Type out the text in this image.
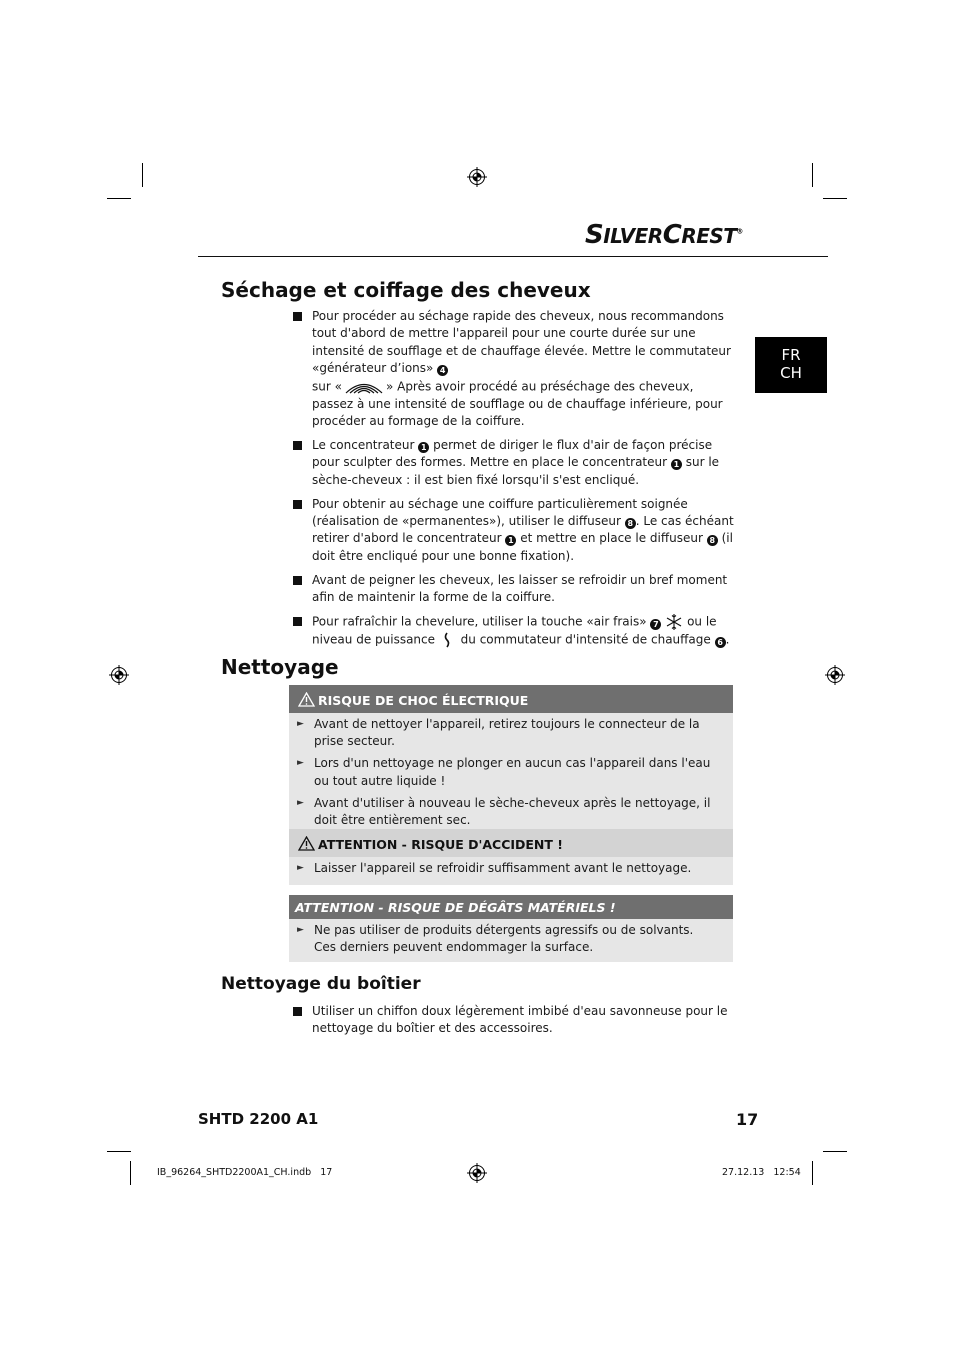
SILVERCREST®
FR
CH
Séchage et coiffage des cheveux
Pour procéder au séchage rapide des cheveux, nous recommandons tout d'abord de mettre l'appareil pour une courte durée sur une intensité de soufflage et de chauffage élevée. Mettre le commutateur «générateur d’ions» 4
sur «	» Après avoir procédé au préséchage des cheveux, passez à une intensité de soufflage ou de chauffage inférieure, pour procéder au formage de la coiffure.
Le concentrateur 1 permet de diriger le flux d'air de façon précise pour sculpter des formes. Mettre en place le concentrateur 1 sur le sèche-cheveux : il est bien fixé lorsqu'il s'est encliqué.
Pour obtenir au séchage une coiffure particulièrement soignée (réalisation de «permanentes»), utiliser le diffuseur 8 . Le cas échéant retirer d'abord le concentrateur 1 et mettre en place le diffuseur 8 (il doit être encliqué pour une bonne fixation).
Avant de peigner les cheveux, les laisser se refroidir un bref moment afin de maintenir la forme de la coiffure.
Pour rafraîchir la chevelure, utiliser la touche «air frais» 7 ou le niveau de puissance du commutateur d'intensité de chauffage 6 .
Nettoyage
RISQUE DE CHOC ÉLECTRIQUE
► Avant de nettoyer l'appareil, retirez toujours le connecteur de la prise secteur.
► Lors d'un nettoyage ne plonger en aucun cas l'appareil dans l'eau ou tout autre liquide !
► Avant d'utiliser à nouveau le sèche-cheveux après le nettoyage, il doit être entièrement sec.
ATTENTION - RISQUE D'ACCIDENT !
► Laisser l'appareil se refroidir suffisamment avant le nettoyage.
ATTENTION - RISQUE DE DÉGÂTS MATÉRIELS !
► Ne pas utiliser de produits détergents agressifs ou de solvants.
Ces derniers peuvent endommager la surface.
Nettoyage du boîtier
Utiliser un chiffon doux légèrement imbibé d'eau savonneuse pour le nettoyage du boîtier et des accessoires.
SHTD 2200 A1	17
IB_96264_SHTD2200A1_CH.indb   17	27.12.13   12:54
